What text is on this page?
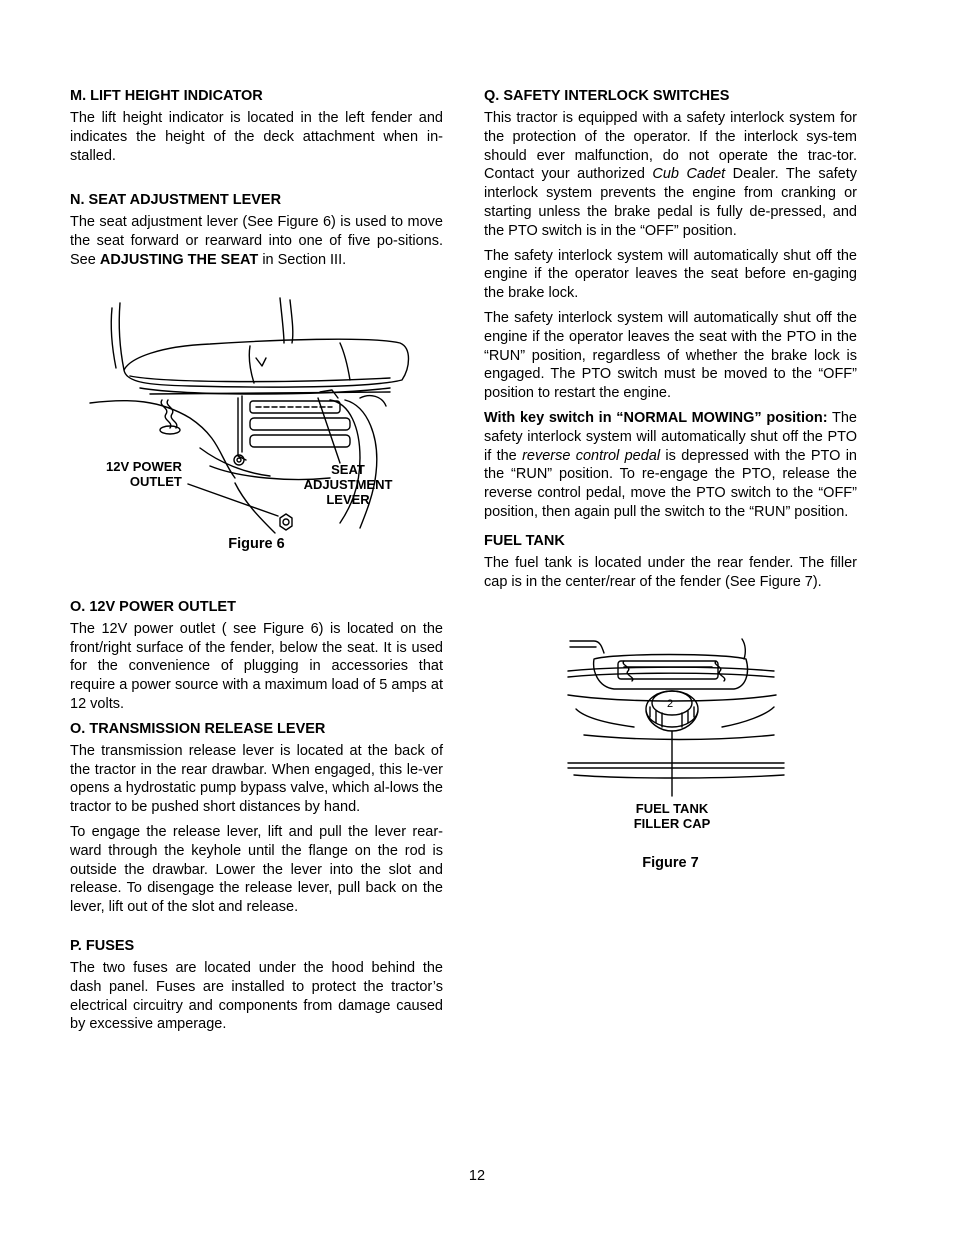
M. LIFT HEIGHT INDICATOR

The lift height indicator is located in the left fender and indicates the height of the deck attachment when in-stalled.

N. SEAT ADJUSTMENT LEVER

The seat adjustment lever (See Figure 6) is used to move the seat forward or rearward into one of five po-sitions. See ADJUSTING THE SEAT in Section III.

12V POWER
OUTLET
SEAT
ADJUSTMENT
LEVER

Figure 6

O. 12V POWER OUTLET

The 12V power outlet ( see Figure 6) is located on the front/right surface of the fender, below the seat. It is used for the convenience of plugging in accessories that require a power source with a maximum load of 5 amps at 12 volts.

O. TRANSMISSION RELEASE LEVER

The transmission release lever is located at the back of the tractor in the rear drawbar. When engaged, this le-ver opens a hydrostatic pump bypass valve, which al-lows the tractor to be pushed short distances by hand.

To engage the release lever, lift and pull the lever rear-ward through the keyhole until the flange on the rod is outside the drawbar. Lower the lever into the slot and release. To disengage the release lever, pull back on the lever, lift out of the slot and release.

P. FUSES

The two fuses are located under the hood behind the dash panel. Fuses are installed to protect the tractor’s electrical circuitry and components from damage caused by excessive amperage.

Q. SAFETY INTERLOCK SWITCHES

This tractor is equipped with a safety interlock system for the protection of the operator. If the interlock sys-tem should ever malfunction, do not operate the trac-tor. Contact your authorized Cub Cadet Dealer. The safety interlock system prevents the engine from cranking or starting unless the brake pedal is fully de-pressed, and the PTO switch is in the “OFF” position.

The safety interlock system will automatically shut off the engine if the operator leaves the seat before en-gaging the brake lock.

The safety interlock system will automatically shut off the engine if the operator leaves the seat with the PTO in the “RUN” position, regardless of whether the brake lock is engaged. The PTO switch must be moved to the “OFF” position to restart the engine.

With key switch in “NORMAL MOWING” position: The safety interlock system will automatically shut off the PTO if the reverse control pedal is depressed with the PTO in the “RUN” position. To re-engage the PTO, release the reverse control pedal, move the PTO switch to the “OFF” position, then again pull the switch to the “RUN” position.

FUEL TANK

The fuel tank is located under the rear fender. The filler cap is in the center/rear of the fender (See Figure 7).

2
FUEL TANK
FILLER CAP

Figure 7

12
